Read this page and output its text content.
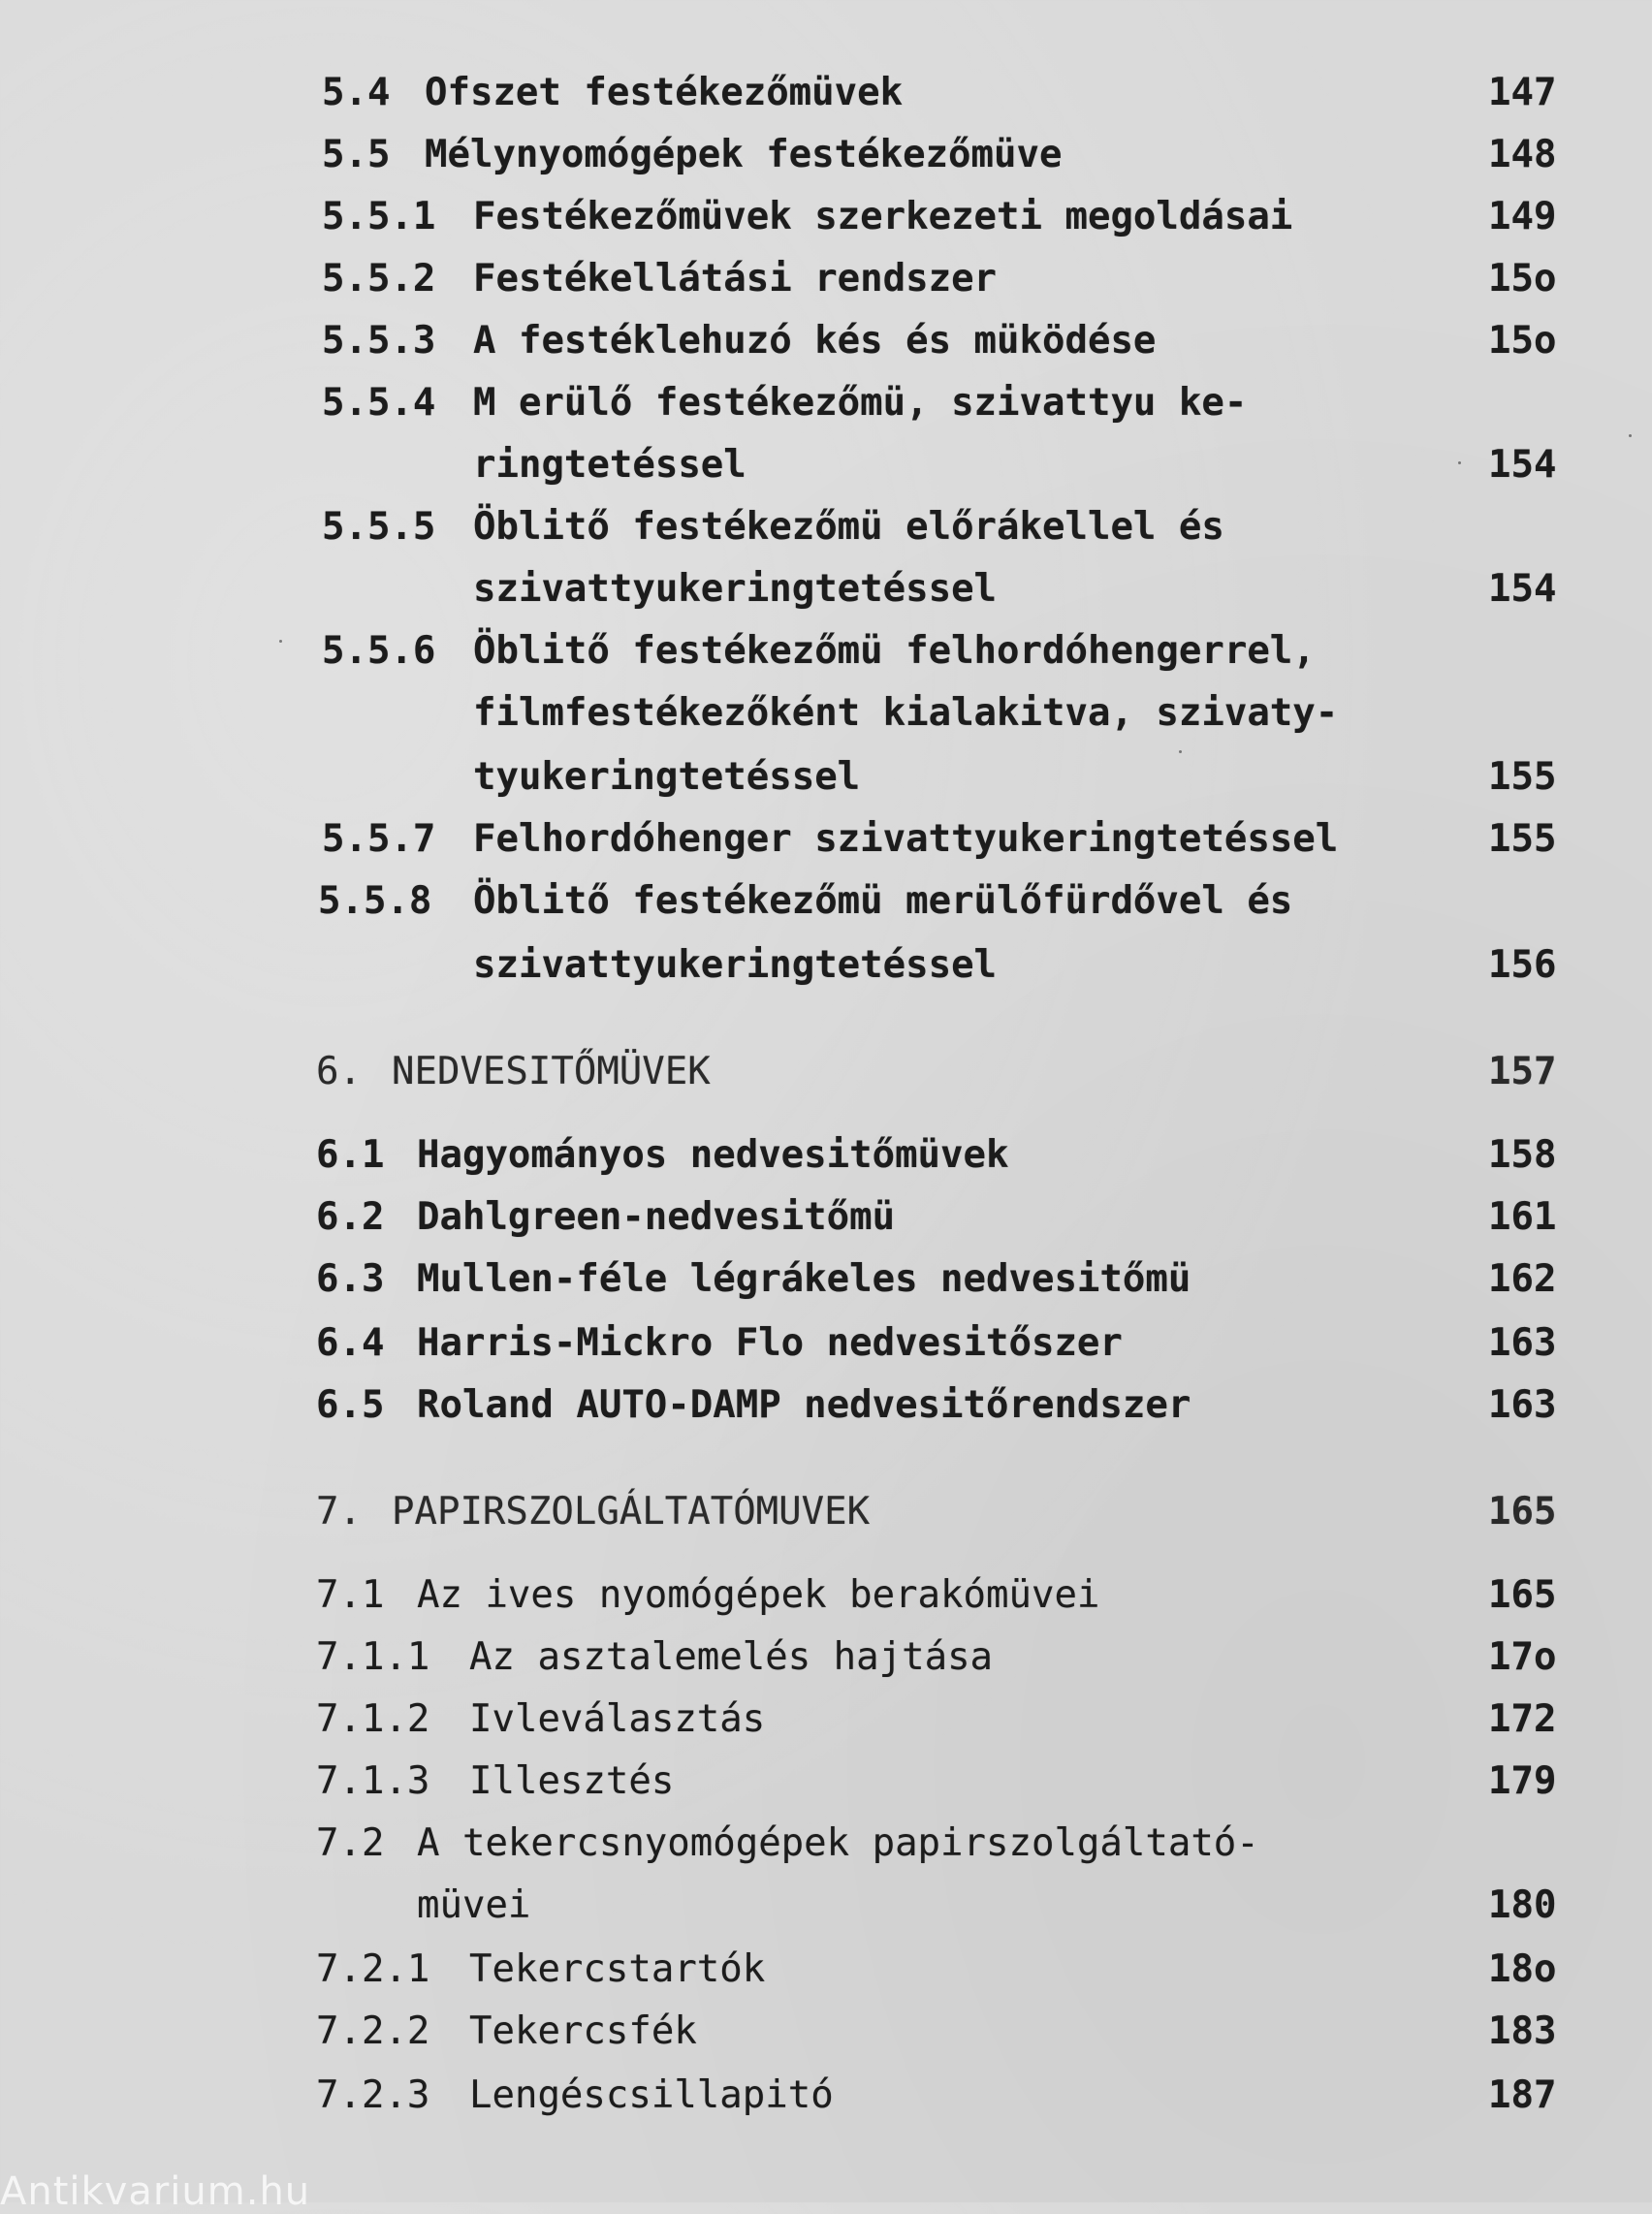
5.4 Ofszet festékezőmüvek	147
5.5 Mélynyomógépek festékezőmüve	148
5.5.1 Festékezőmüvek szerkezeti megoldásai	149
5.5.2 Festékellátási rendszer	15o
5.5.3 A festéklehuzó kés és müködése	15o
5.5.4 M erülő festékezőmü, szivattyu ke-
ringtetéssel	154
5.5.5 Öblitő festékezőmü előrákellel és
szivattyukeringtetéssel	154
5.5.6 Öblitő festékezőmü felhordóhengerrel,
filmfestékezőként kialakitva, szivaty-
tyukeringtetéssel	155
5.5.7 Felhordóhenger szivattyukeringtetéssel	155
5.5.8 Öblitő festékezőmü merülőfürdővel és
szivattyukeringtetéssel	156
6. NEDVESITŐMÜVEK	157
6.1 Hagyományos nedvesitőmüvek	158
6.2 Dahlgreen-nedvesitőmü	161
6.3 Mullen-féle légrákeles nedvesitőmü	162
6.4 Harris-Mickro Flo nedvesitőszer	163
6.5 Roland AUTO-DAMP nedvesitőrendszer	163
7. PAPIRSZOLGÁLTATÓMUVEK	165
7.1 Az ives nyomógépek berakómüvei	165
7.1.1 Az asztalemelés hajtása	17o
7.1.2 Ivleválasztás	172
7.1.3 Illesztés	179
7.2 A tekercsnyomógépek papirszolgáltató-
müvei	180
7.2.1 Tekercstartók	18o
7.2.2 Tekercsfék	183
7.2.3 Lengéscsillapitó	187
Antikvarium.hu
